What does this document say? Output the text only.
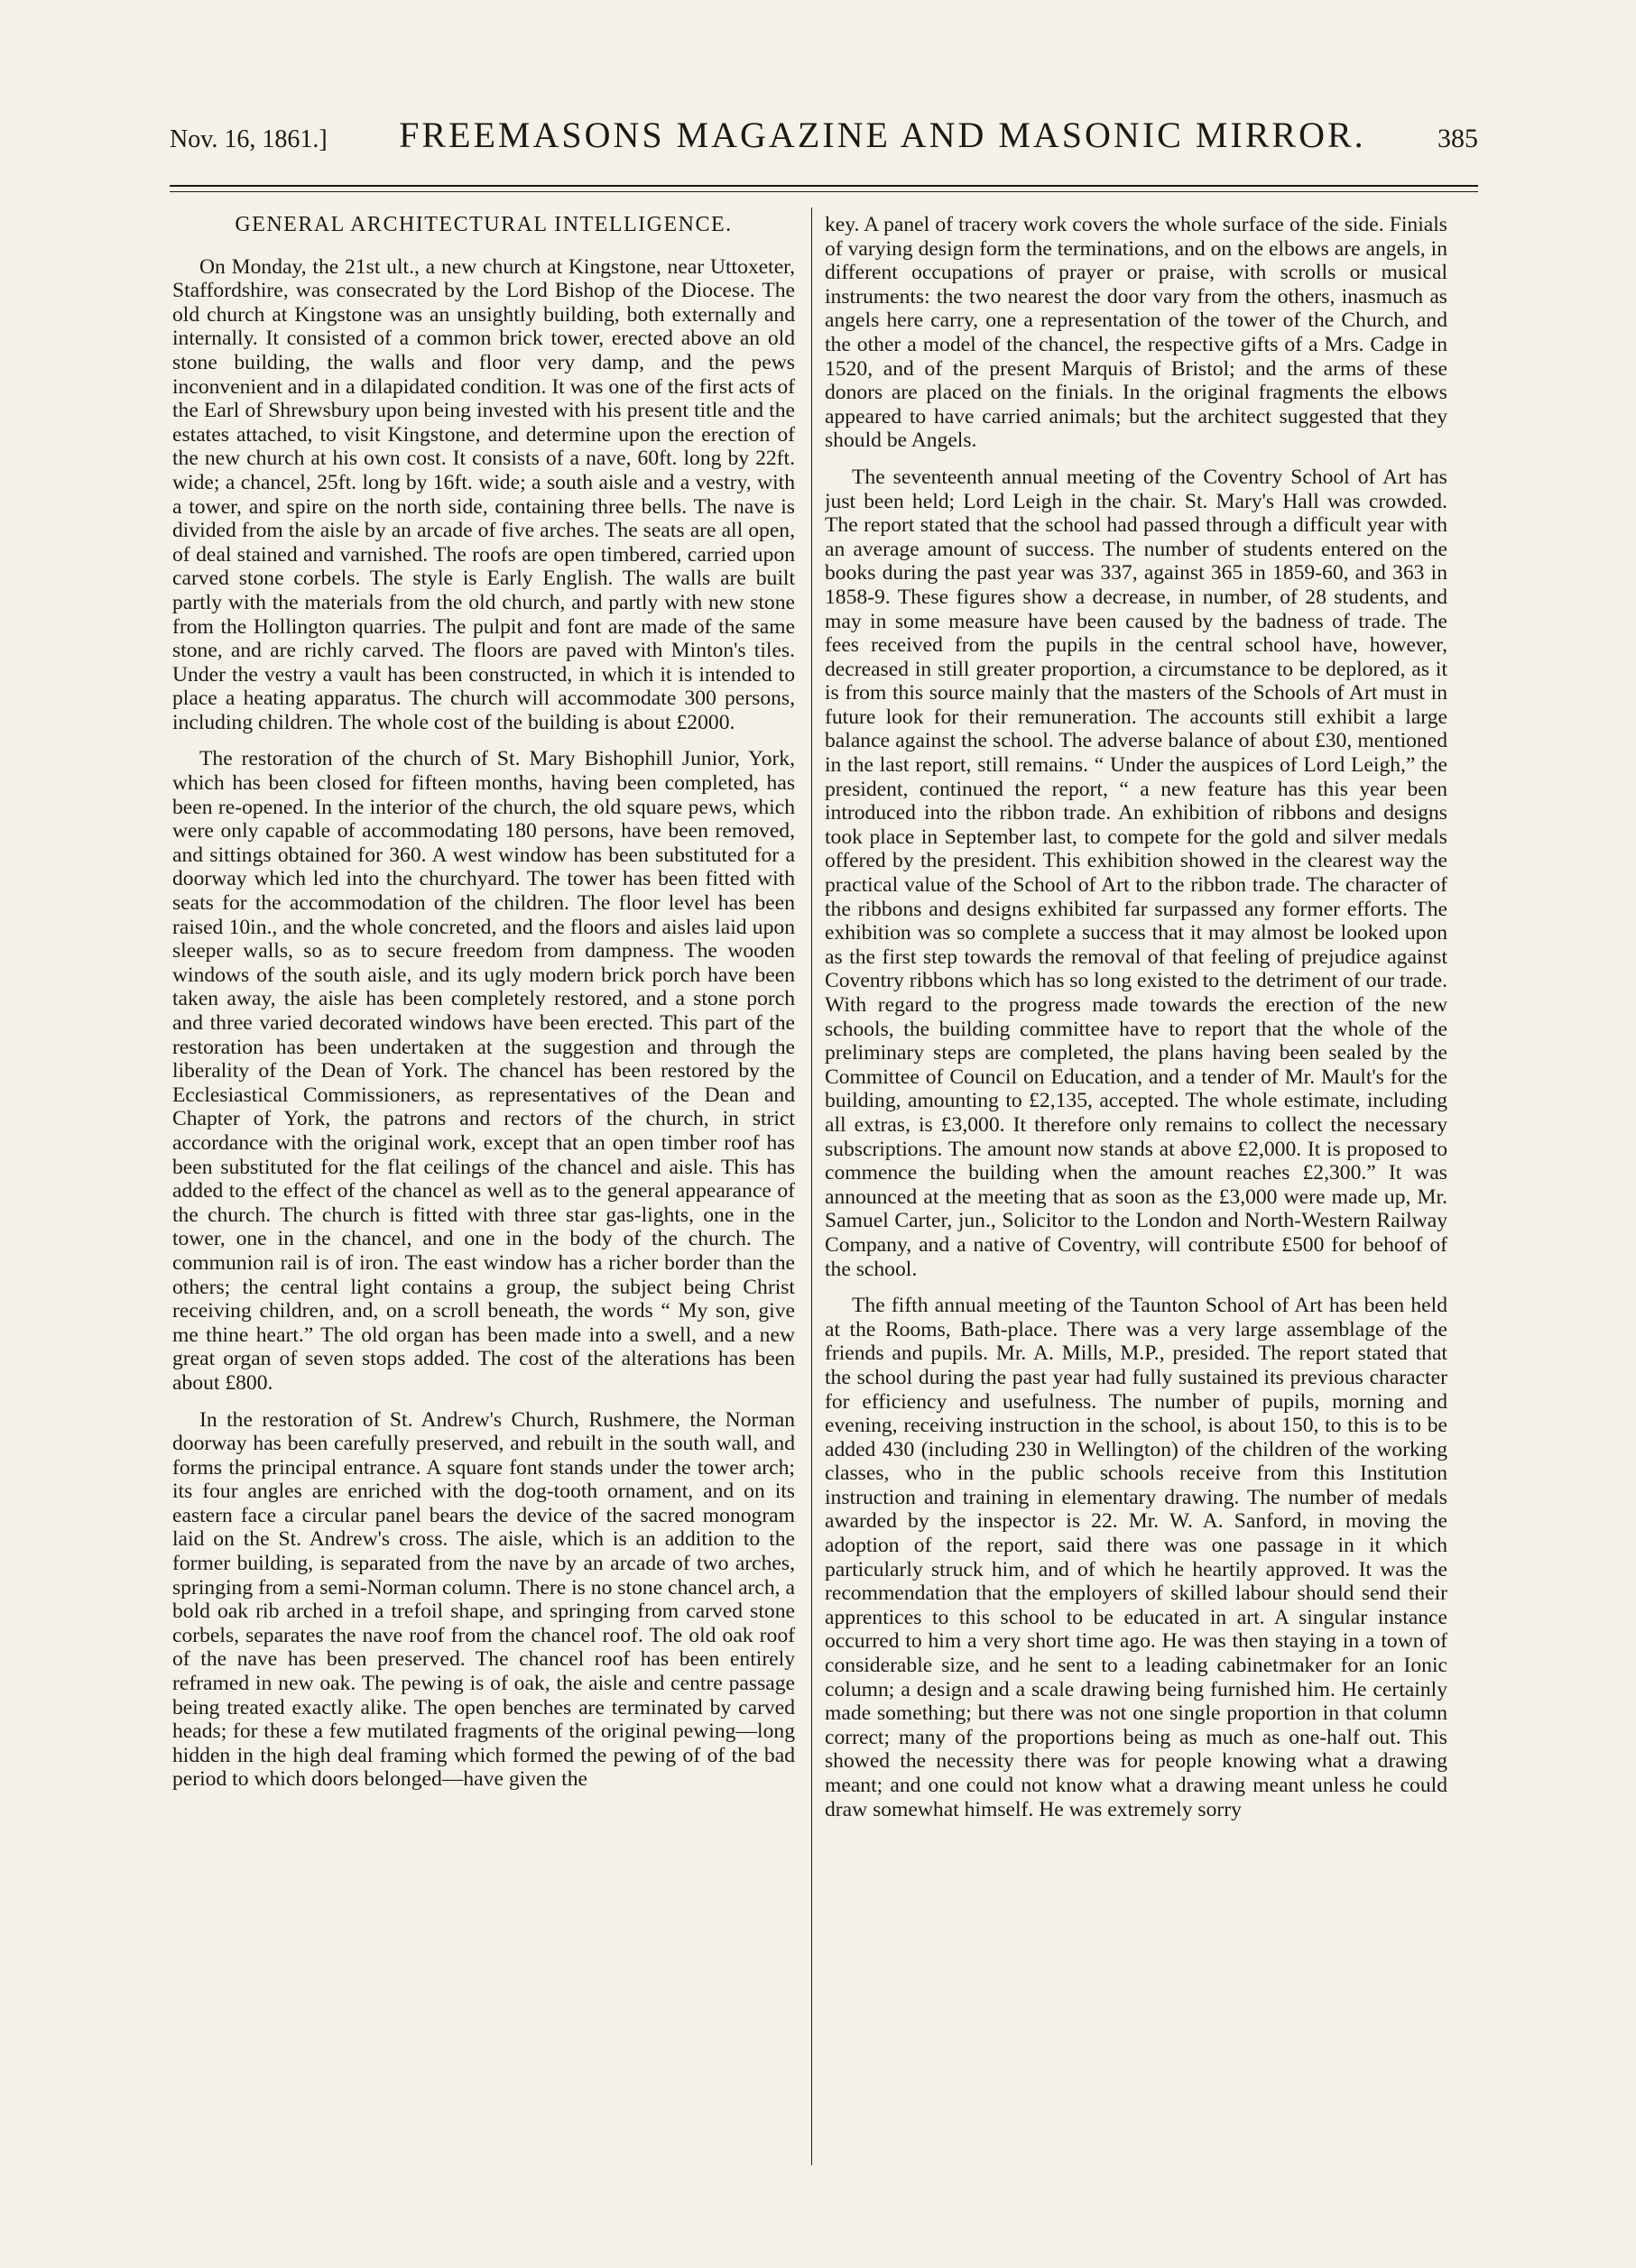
Nov. 16, 1861.] FREEMASONS MAGAZINE AND MASONIC MIRROR.	385
GENERAL ARCHITECTURAL INTELLIGENCE.

On Monday, the 21st ult., a new church at Kingstone, near Uttoxeter, Staffordshire, was consecrated by the Lord Bishop of the Diocese. The old church at Kingstone was an unsightly building, both externally and internally. It consisted of a common brick tower, erected above an old stone building, the walls and floor very damp, and the pews inconvenient and in a dilapidated condition. It was one of the first acts of the Earl of Shrewsbury upon being invested with his present title and the estates attached, to visit Kingstone, and determine upon the erection of the new church at his own cost. It consists of a nave, 60ft. long by 22ft. wide; a chancel, 25ft. long by 16ft. wide; a south aisle and a vestry, with a tower, and spire on the north side, containing three bells. The nave is divided from the aisle by an arcade of five arches. The seats are all open, of deal stained and varnished. The roofs are open timbered, carried upon carved stone corbels. The style is Early English. The walls are built partly with the materials from the old church, and partly with new stone from the Hollington quarries. The pulpit and font are made of the same stone, and are richly carved. The floors are paved with Minton's tiles. Under the vestry a vault has been constructed, in which it is intended to place a heating apparatus. The church will accommodate 300 persons, including children. The whole cost of the building is about £2000.

The restoration of the church of St. Mary Bishophill Junior, York, which has been closed for fifteen months, having been completed, has been re-opened. In the interior of the church, the old square pews, which were only capable of accommodating 180 persons, have been removed, and sittings obtained for 360. A west window has been substituted for a doorway which led into the churchyard. The tower has been fitted with seats for the accommodation of the children. The floor level has been raised 10in., and the whole concreted, and the floors and aisles laid upon sleeper walls, so as to secure freedom from dampness. The wooden windows of the south aisle, and its ugly modern brick porch have been taken away, the aisle has been completely restored, and a stone porch and three varied decorated windows have been erected. This part of the restoration has been undertaken at the suggestion and through the liberality of the Dean of York. The chancel has been restored by the Ecclesiastical Commissioners, as representatives of the Dean and Chapter of York, the patrons and rectors of the church, in strict accordance with the original work, except that an open timber roof has been substituted for the flat ceilings of the chancel and aisle. This has added to the effect of the chancel as well as to the general appearance of the church. The church is fitted with three star gas-lights, one in the tower, one in the chancel, and one in the body of the church. The communion rail is of iron. The east window has a richer border than the others; the central light contains a group, the subject being Christ receiving children, and, on a scroll beneath, the words “ My son, give me thine heart.” The old organ has been made into a swell, and a new great organ of seven stops added. The cost of the alterations has been about £800.

In the restoration of St. Andrew's Church, Rushmere, the Norman doorway has been carefully preserved, and rebuilt in the south wall, and forms the principal entrance. A square font stands under the tower arch; its four angles are enriched with the dog-tooth ornament, and on its eastern face a circular panel bears the device of the sacred monogram laid on the St. Andrew's cross. The aisle, which is an addition to the former building, is separated from the nave by an arcade of two arches, springing from a semi-Norman column. There is no stone chancel arch, a bold oak rib arched in a trefoil shape, and springing from carved stone corbels, separates the nave roof from the chancel roof. The old oak roof of the nave has been preserved. The chancel roof has been entirely reframed in new oak. The pewing is of oak, the aisle and centre passage being treated exactly alike. The open benches are terminated by carved heads; for these a few mutilated fragments of the original pewing—long hidden in the high deal framing which formed the pewing of of the bad period to which doors belonged—have given the

key. A panel of tracery work covers the whole surface of the side. Finials of varying design form the terminations, and on the elbows are angels, in different occupations of prayer or praise, with scrolls or musical instruments: the two nearest the door vary from the others, inasmuch as angels here carry, one a representation of the tower of the Church, and the other a model of the chancel, the respective gifts of a Mrs. Cadge in 1520, and of the present Marquis of Bristol; and the arms of these donors are placed on the finials. In the original fragments the elbows appeared to have carried animals; but the architect suggested that they should be Angels.

The seventeenth annual meeting of the Coventry School of Art has just been held; Lord Leigh in the chair. St. Mary's Hall was crowded. The report stated that the school had passed through a difficult year with an average amount of success. The number of students entered on the books during the past year was 337, against 365 in 1859-60, and 363 in 1858-9. These figures show a decrease, in number, of 28 students, and may in some measure have been caused by the badness of trade. The fees received from the pupils in the central school have, however, decreased in still greater proportion, a circumstance to be deplored, as it is from this source mainly that the masters of the Schools of Art must in future look for their remuneration. The accounts still exhibit a large balance against the school. The adverse balance of about £30, mentioned in the last report, still remains. “ Under the auspices of Lord Leigh,” the president, continued the report, “ a new feature has this year been introduced into the ribbon trade. An exhibition of ribbons and designs took place in September last, to compete for the gold and silver medals offered by the president. This exhibition showed in the clearest way the practical value of the School of Art to the ribbon trade. The character of the ribbons and designs exhibited far surpassed any former efforts. The exhibition was so complete a success that it may almost be looked upon as the first step towards the removal of that feeling of prejudice against Coventry ribbons which has so long existed to the detriment of our trade. With regard to the progress made towards the erection of the new schools, the building committee have to report that the whole of the preliminary steps are completed, the plans having been sealed by the Committee of Council on Education, and a tender of Mr. Mault's for the building, amounting to £2,135, accepted. The whole estimate, including all extras, is £3,000. It therefore only remains to collect the necessary subscriptions. The amount now stands at above £2,000. It is proposed to commence the building when the amount reaches £2,300.” It was announced at the meeting that as soon as the £3,000 were made up, Mr. Samuel Carter, jun., Solicitor to the London and North-Western Railway Company, and a native of Coventry, will contribute £500 for behoof of the school.

The fifth annual meeting of the Taunton School of Art has been held at the Rooms, Bath-place. There was a very large assemblage of the friends and pupils. Mr. A. Mills, M.P., presided. The report stated that the school during the past year had fully sustained its previous character for efficiency and usefulness. The number of pupils, morning and evening, receiving instruction in the school, is about 150, to this is to be added 430 (including 230 in Wellington) of the children of the working classes, who in the public schools receive from this Institution instruction and training in elementary drawing. The number of medals awarded by the inspector is 22. Mr. W. A. Sanford, in moving the adoption of the report, said there was one passage in it which particularly struck him, and of which he heartily approved. It was the recommendation that the employers of skilled labour should send their apprentices to this school to be educated in art. A singular instance occurred to him a very short time ago. He was then staying in a town of considerable size, and he sent to a leading cabinetmaker for an Ionic column; a design and a scale drawing being furnished him. He certainly made something; but there was not one single proportion in that column correct; many of the proportions being as much as one-half out. This showed the necessity there was for people knowing what a drawing meant; and one could not know what a drawing meant unless he could draw somewhat himself. He was extremely sorry
